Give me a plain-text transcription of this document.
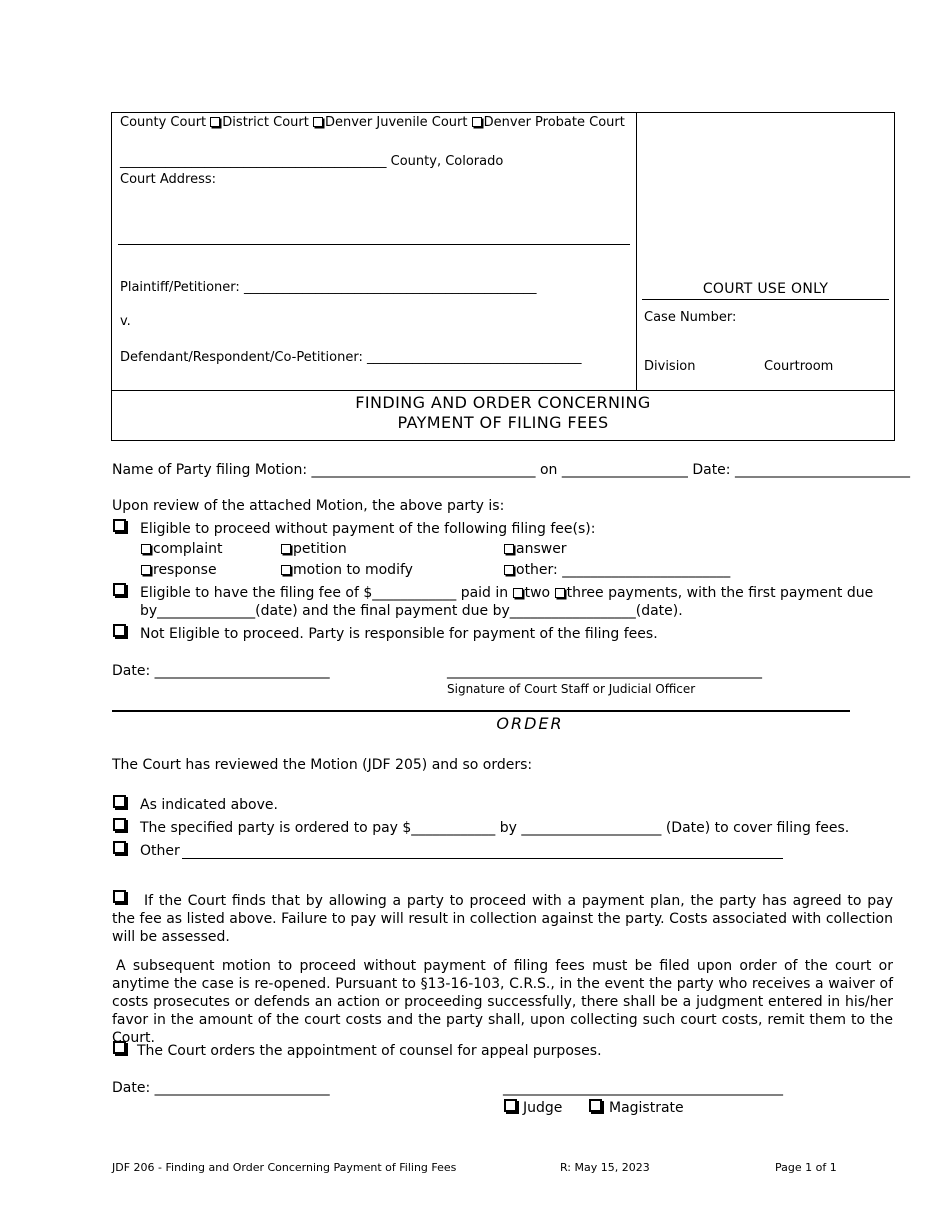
County Court District Court Denver Juvenile Court Denver Probate Court
_________________________________________ County, Colorado
Court Address:
Plaintiff/Petitioner: _____________________________________________
v.
Defendant/Respondent/Co-Petitioner: _________________________________
COURT USE ONLY
Case Number:
Division	Courtroom
FINDING AND ORDER CONCERNING
PAYMENT OF FILING FEES
Name of Party filing Motion: ________________________________ on __________________ Date: _________________________
Upon review of the attached Motion, the above party is:
Eligible to proceed without payment of the following filing fee(s):
complaint	petition	answer
response	motion to modify	other: ________________________
Eligible to have the filing fee of $____________ paid in two three payments, with the first payment due
by______________(date) and the final payment due by__________________(date).
Not Eligible to proceed. Party is responsible for payment of the filing fees.
Date: _________________________	_____________________________________________
Signature of Court Staff or Judicial Officer
ORDER
The Court has reviewed the Motion (JDF 205) and so orders:
As indicated above.
The specified party is ordered to pay $____________ by ____________________ (Date) to cover filing fees.
Other
If the Court finds that by allowing a party to proceed with a payment plan, the party has agreed to pay the fee as listed above. Failure to pay will result in collection against the party. Costs associated with collection will be assessed.
A subsequent motion to proceed without payment of filing fees must be filed upon order of the court or anytime the case is re-opened. Pursuant to §13-16-103, C.R.S., in the event the party who receives a waiver of costs prosecutes or defends an action or proceeding successfully, there shall be a judgment entered in his/her favor in the amount of the court costs and the party shall, upon collecting such court costs, remit them to the Court.
The Court orders the appointment of counsel for appeal purposes.
Date: _________________________	________________________________________
Judge	Magistrate
JDF 206 - Finding and Order Concerning Payment of Filing Fees	R: May 15, 2023	Page 1 of 1
